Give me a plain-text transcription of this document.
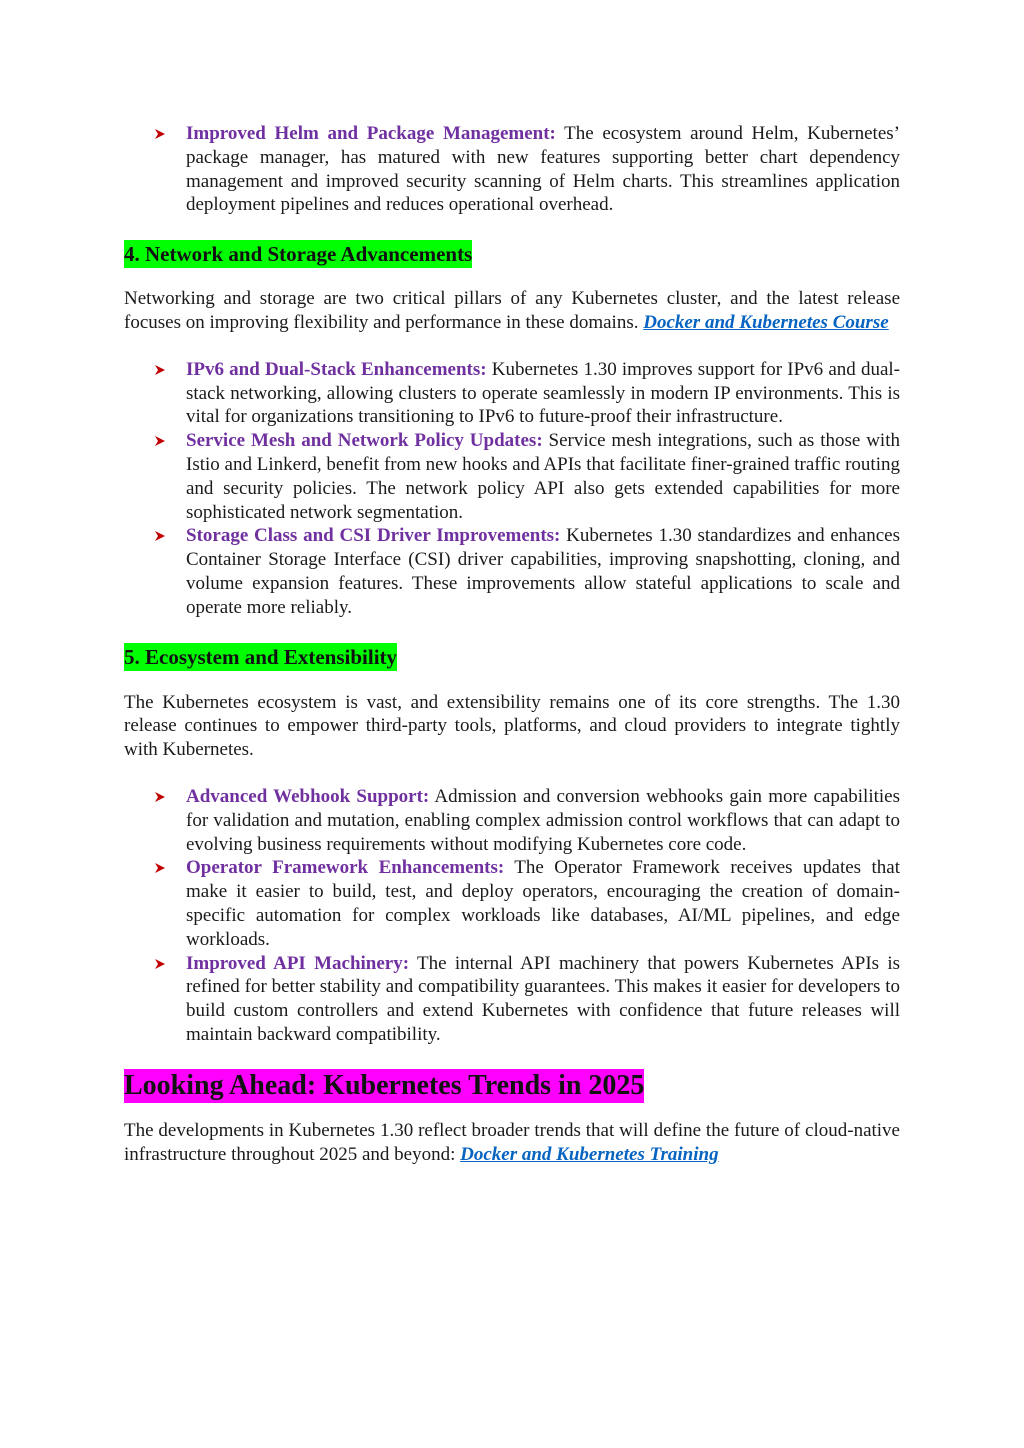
Improved Helm and Package Management: The ecosystem around Helm, Kubernetes’ package manager, has matured with new features supporting better chart dependency management and improved security scanning of Helm charts. This streamlines application deployment pipelines and reduces operational overhead.
4. Network and Storage Advancements

Networking and storage are two critical pillars of any Kubernetes cluster, and the latest release focuses on improving flexibility and performance in these domains. Docker and Kubernetes Course

IPv6 and Dual-Stack Enhancements: Kubernetes 1.30 improves support for IPv6 and dual-stack networking, allowing clusters to operate seamlessly in modern IP environments. This is vital for organizations transitioning to IPv6 to future-proof their infrastructure.
Service Mesh and Network Policy Updates: Service mesh integrations, such as those with Istio and Linkerd, benefit from new hooks and APIs that facilitate finer-grained traffic routing and security policies. The network policy API also gets extended capabilities for more sophisticated network segmentation.
Storage Class and CSI Driver Improvements: Kubernetes 1.30 standardizes and enhances Container Storage Interface (CSI) driver capabilities, improving snapshotting, cloning, and volume expansion features. These improvements allow stateful applications to scale and operate more reliably.
5. Ecosystem and Extensibility

The Kubernetes ecosystem is vast, and extensibility remains one of its core strengths. The 1.30 release continues to empower third-party tools, platforms, and cloud providers to integrate tightly with Kubernetes.

Advanced Webhook Support: Admission and conversion webhooks gain more capabilities for validation and mutation, enabling complex admission control workflows that can adapt to evolving business requirements without modifying Kubernetes core code.
Operator Framework Enhancements: The Operator Framework receives updates that make it easier to build, test, and deploy operators, encouraging the creation of domain-specific automation for complex workloads like databases, AI/ML pipelines, and edge workloads.
Improved API Machinery: The internal API machinery that powers Kubernetes APIs is refined for better stability and compatibility guarantees. This makes it easier for developers to build custom controllers and extend Kubernetes with confidence that future releases will maintain backward compatibility.
Looking Ahead: Kubernetes Trends in 2025

The developments in Kubernetes 1.30 reflect broader trends that will define the future of cloud-native infrastructure throughout 2025 and beyond: Docker and Kubernetes Training
